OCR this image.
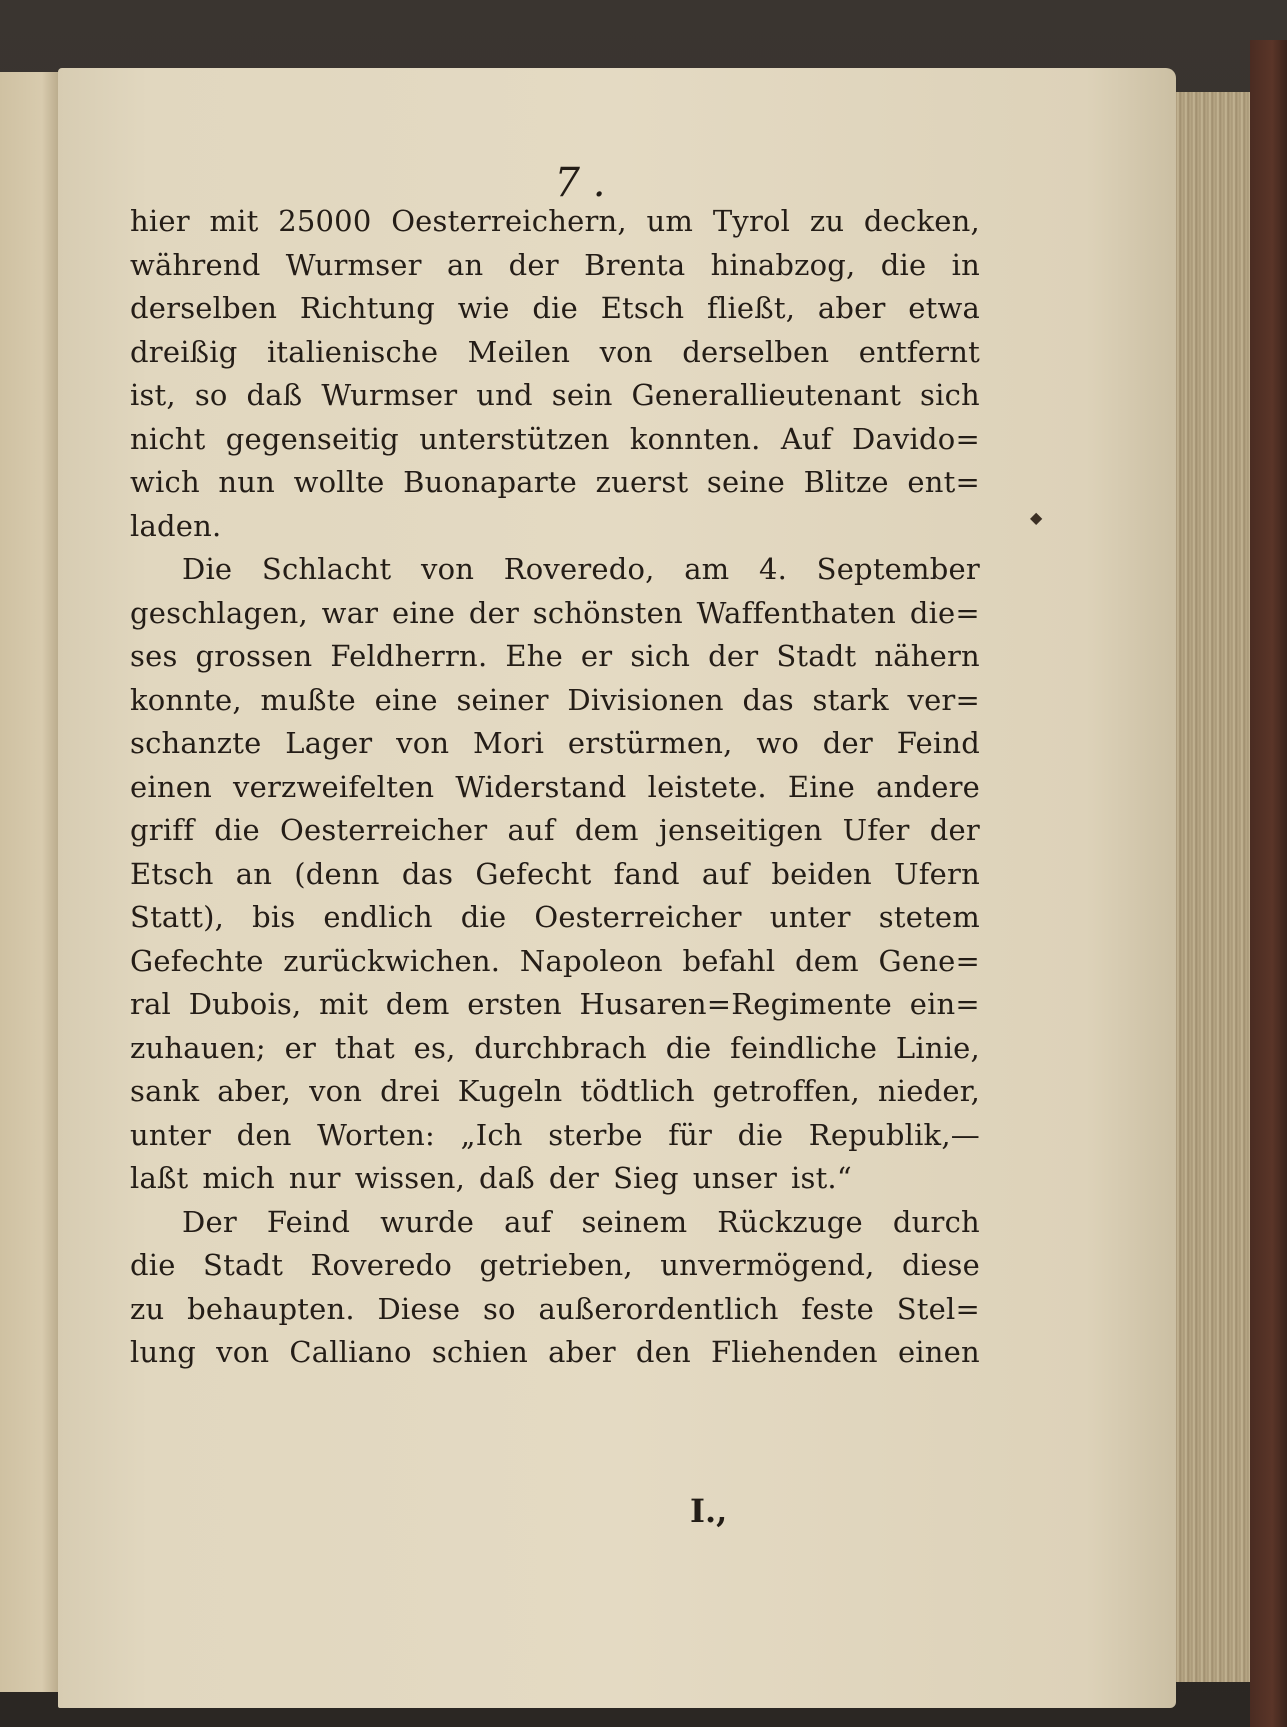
7 .
hier mit 25000 Oesterreichern, um Tyrol zu decken,
während Wurmser an der Brenta hinabzog, die in
derselben Richtung wie die Etsch fließt, aber etwa
dreißig italienische Meilen von derselben entfernt
ist, so daß Wurmser und sein Generallieutenant sich
nicht gegenseitig unterstützen konnten. Auf Davido=
wich nun wollte Buonaparte zuerst seine Blitze ent=
laden.
Die Schlacht von Roveredo, am 4. September
geschlagen, war eine der schönsten Waffenthaten die=
ses grossen Feldherrn. Ehe er sich der Stadt nähern
konnte, mußte eine seiner Divisionen das stark ver=
schanzte Lager von Mori erstürmen, wo der Feind
einen verzweifelten Widerstand leistete. Eine andere
griff die Oesterreicher auf dem jenseitigen Ufer der
Etsch an (denn das Gefecht fand auf beiden Ufern
Statt), bis endlich die Oesterreicher unter stetem
Gefechte zurückwichen. Napoleon befahl dem Gene=
ral Dubois, mit dem ersten Husaren=Regimente ein=
zuhauen; er that es, durchbrach die feindliche Linie,
sank aber, von drei Kugeln tödtlich getroffen, nieder,
unter den Worten: „Ich sterbe für die Republik,—
laßt mich nur wissen, daß der Sieg unser ist.“
Der Feind wurde auf seinem Rückzuge durch
die Stadt Roveredo getrieben, unvermögend, diese
zu behaupten. Diese so außerordentlich feste Stel=
lung von Calliano schien aber den Fliehenden einen
I.,
◆
